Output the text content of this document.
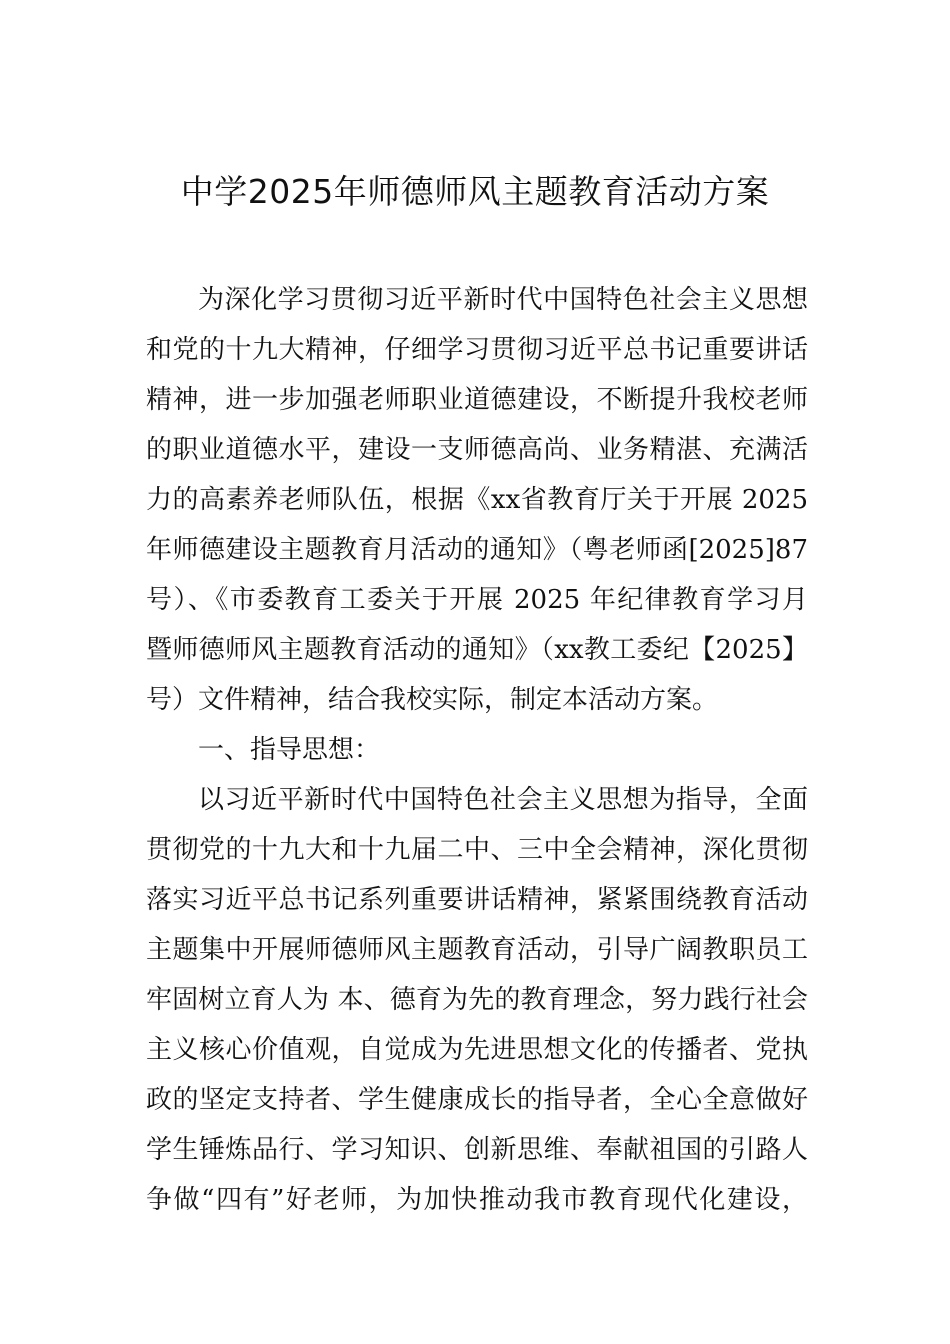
中学2025年师德师风主题教育活动方案
为深化学习贯彻习近平新时代中国特色社会主义思想
和党的十九大精神，仔细学习贯彻习近平总书记重要讲话
精神，进一步加强老师职业道德建设，不断提升我校老师
的职业道德水平，建设一支师德高尚、业务精湛、充满活
力的高素养老师队伍，根据《xx省教育厅关于开展 2025
年师德建设主题教育月活动的通知》（粤老师函[2025]87
号）、《市委教育工委关于开展 2025 年纪律教育学习月
暨师德师风主题教育活动的通知》（xx教工委纪【2025】
号）文件精神，结合我校实际，制定本活动方案。
一、指导思想：
以习近平新时代中国特色社会主义思想为指导，全面
贯彻党的十九大和十九届二中、三中全会精神，深化贯彻
落实习近平总书记系列重要讲话精神，紧紧围绕教育活动
主题集中开展师德师风主题教育活动，引导广阔教职员工
牢固树立育人为 本、德育为先的教育理念，努力践行社会
主义核心价值观，自觉成为先进思想文化的传播者、党执
政的坚定支持者、学生健康成长的指导者，全心全意做好
学生锤炼品行、学习知识、创新思维、奉献祖国的引路人
争做“四有”好老师，为加快推动我市教育现代化建设，
